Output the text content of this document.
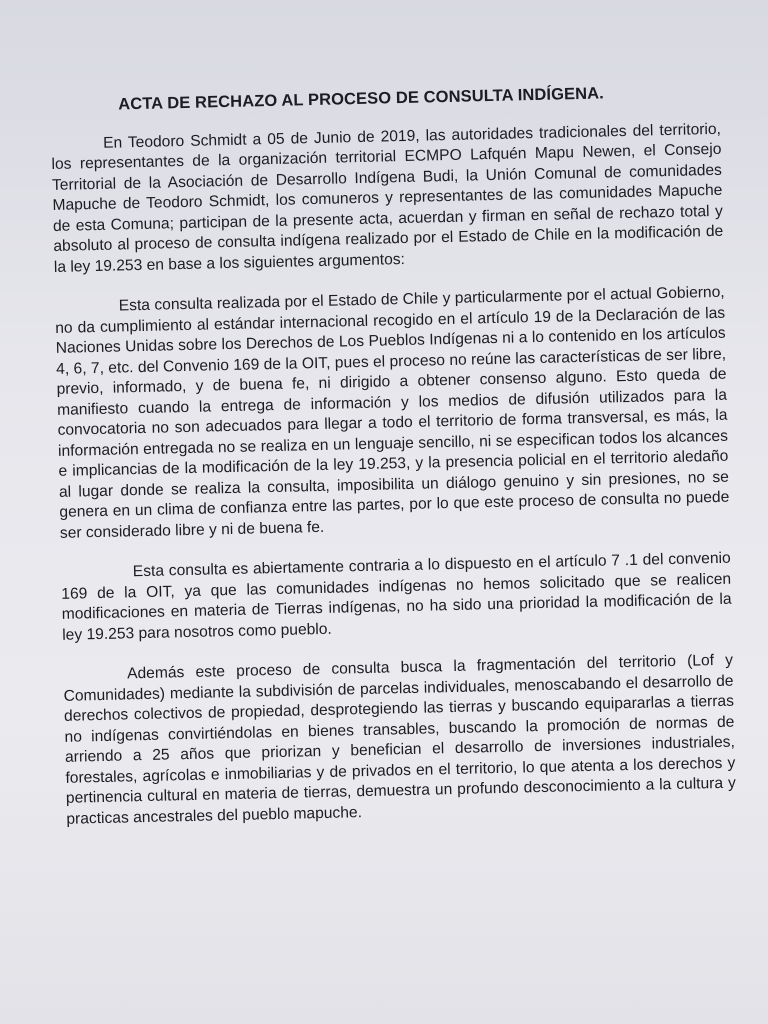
ACTA DE RECHAZO AL PROCESO DE CONSULTA INDÍGENA.

En Teodoro Schmidt a 05 de Junio de 2019, las autoridades tradicionales del territorio, los representantes de la organización territorial ECMPO Lafquén Mapu Newen, el Consejo Territorial de la Asociación de Desarrollo Indígena Budi, la Unión Comunal de comunidades Mapuche de Teodoro Schmidt, los comuneros y representantes de las comunidades Mapuche de esta Comuna; participan de la presente acta, acuerdan y firman en señal de rechazo total y absoluto al proceso de consulta indígena realizado por el Estado de Chile en la modificación de la ley 19.253 en base a los siguientes argumentos:

Esta consulta realizada por el Estado de Chile y particularmente por el actual Gobierno, no da cumplimiento al estándar internacional recogido en el artículo 19 de la Declaración de las Naciones Unidas sobre los Derechos de Los Pueblos Indígenas ni a lo contenido en los artículos 4, 6, 7, etc. del Convenio 169 de la OIT, pues el proceso no reúne las características de ser libre, previo, informado, y de buena fe, ni dirigido a obtener consenso alguno. Esto queda de manifiesto cuando la entrega de información y los medios de difusión utilizados para la convocatoria no son adecuados para llegar a todo el territorio de forma transversal, es más, la información entregada no se realiza en un lenguaje sencillo, ni se especifican todos los alcances e implicancias de la modificación de la ley 19.253, y la presencia policial en el territorio aledaño al lugar donde se realiza la consulta, imposibilita un diálogo genuino y sin presiones, no se genera en un clima de confianza entre las partes, por lo que este proceso de consulta no puede ser considerado libre y ni de buena fe.

Esta consulta es abiertamente contraria a lo dispuesto en el artículo 7 .1 del convenio 169 de la OIT, ya que las comunidades indígenas no hemos solicitado que se realicen modificaciones en materia de Tierras indígenas, no ha sido una prioridad la modificación de la ley 19.253 para nosotros como pueblo.

Además este proceso de consulta busca la fragmentación del territorio (Lof y Comunidades) mediante la subdivisión de parcelas individuales, menoscabando el desarrollo de derechos colectivos de propiedad, desprotegiendo las tierras y buscando equipararlas a tierras no indígenas convirtiéndolas en bienes transables, buscando la promoción de normas de arriendo a 25 años que priorizan y benefician el desarrollo de inversiones industriales, forestales, agrícolas e inmobiliarias y de privados en el territorio, lo que atenta a los derechos y pertinencia cultural en materia de tierras, demuestra un profundo desconocimiento a la cultura y practicas ancestrales del pueblo mapuche.
